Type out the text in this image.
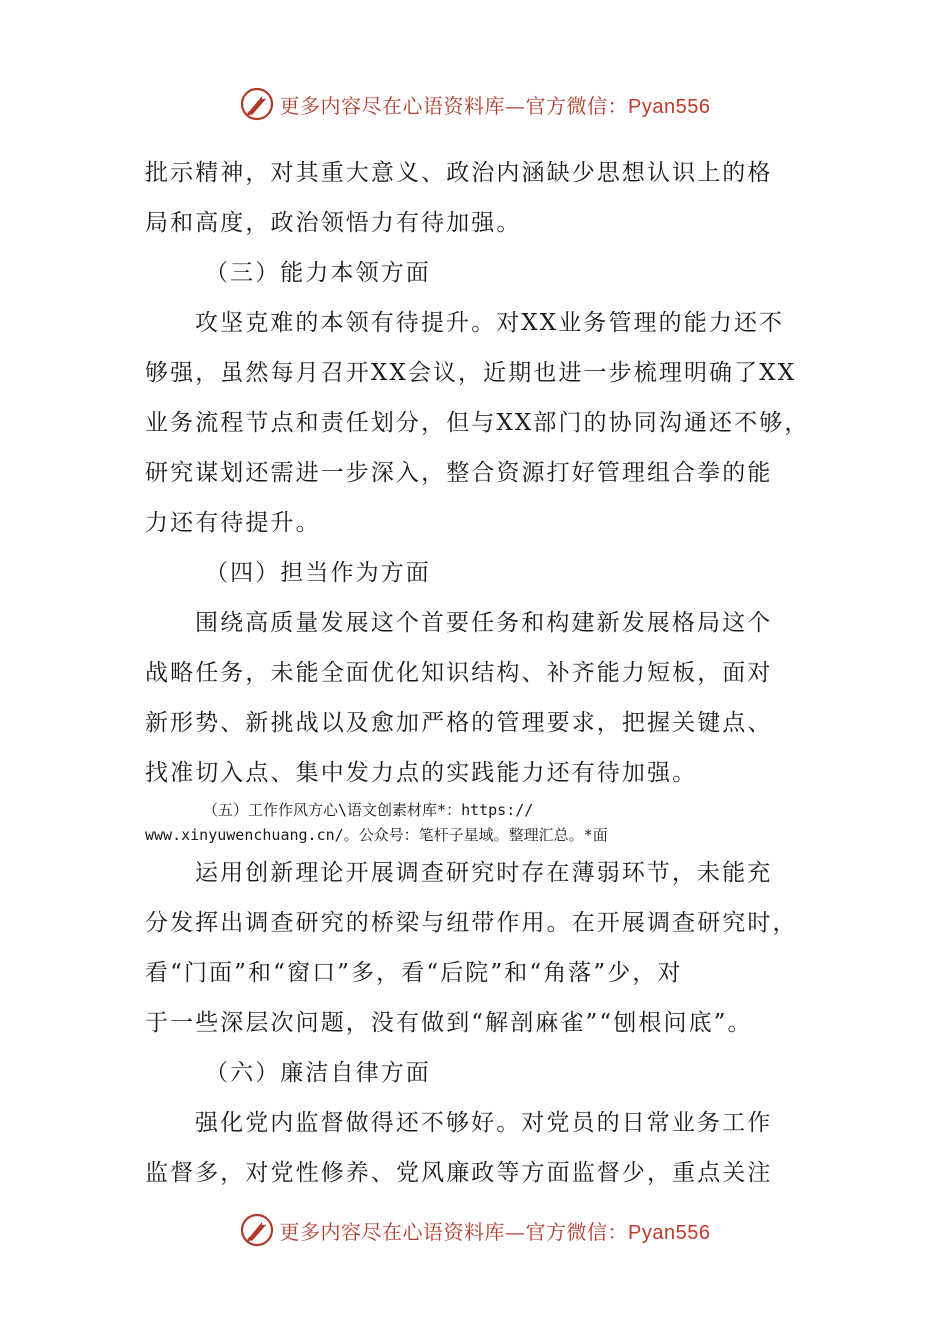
更多内容尽在心语资料库—官方微信：Pyan556
批示精神，对其重大意义、政治内涵缺少思想认识上的格
局和高度，政治领悟力有待加强。
（三）能力本领方面
攻坚克难的本领有待提升。对XX业务管理的能力还不
够强，虽然每月召开XX会议，近期也进一步梳理明确了XX
业务流程节点和责任划分，但与XX部门的协同沟通还不够，
研究谋划还需进一步深入，整合资源打好管理组合拳的能
力还有待提升。
（四）担当作为方面
围绕高质量发展这个首要任务和构建新发展格局这个
战略任务，未能全面优化知识结构、补齐能力短板，面对
新形势、新挑战以及愈加严格的管理要求，把握关键点、
找准切入点、集中发力点的实践能力还有待加强。
（五）工作作风方心\语文创素材库*：https://
www.xinyuwenchuang.cn/。公众号：笔杆子星域。整理汇总。*面
运用创新理论开展调查研究时存在薄弱环节，未能充
分发挥出调查研究的桥梁与纽带作用。在开展调查研究时，
看“门面”和“窗口”多，看“后院”和“角落”少，对
于一些深层次问题，没有做到“解剖麻雀”“刨根问底”。
（六）廉洁自律方面
强化党内监督做得还不够好。对党员的日常业务工作
监督多，对党性修养、党风廉政等方面监督少，重点关注
更多内容尽在心语资料库—官方微信：Pyan556
